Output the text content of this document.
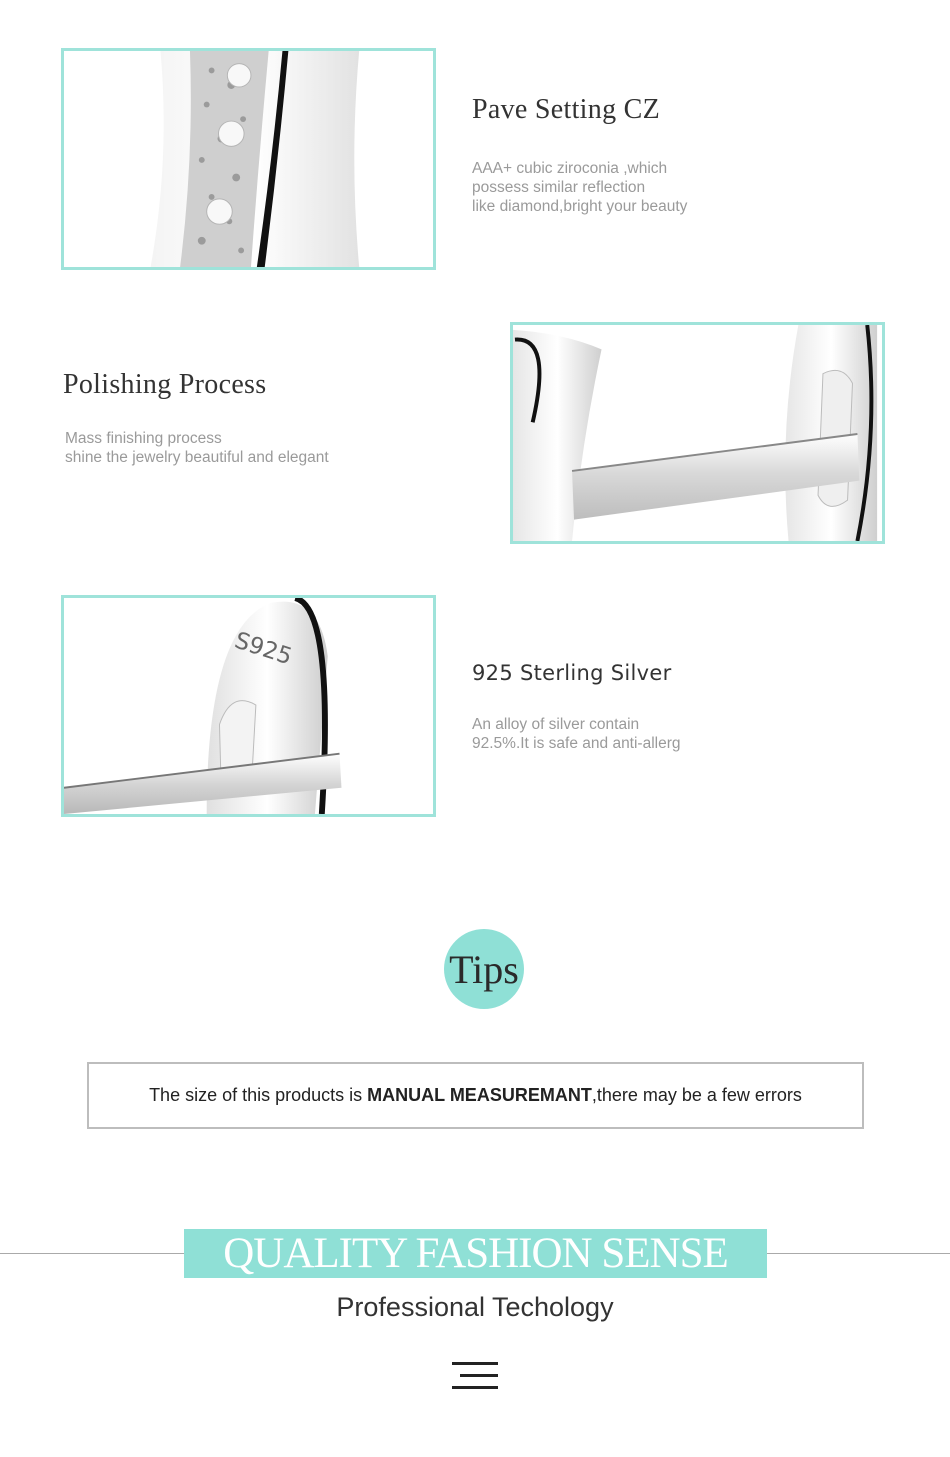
Pave Setting CZ
AAA+ cubic ziroconia ,which
possess similar reflection
like diamond,bright your beauty
Polishing Process
Mass finishing process
shine the jewelry beautiful and elegant
S925
925 Sterling Silver
An alloy of silver contain
92.5%.It is safe and anti-allerg
Tips
The size of this products is MANUAL MEASUREMANT ,there may be a few errors
QUALITY FASHION SENSE
Professional Techology
